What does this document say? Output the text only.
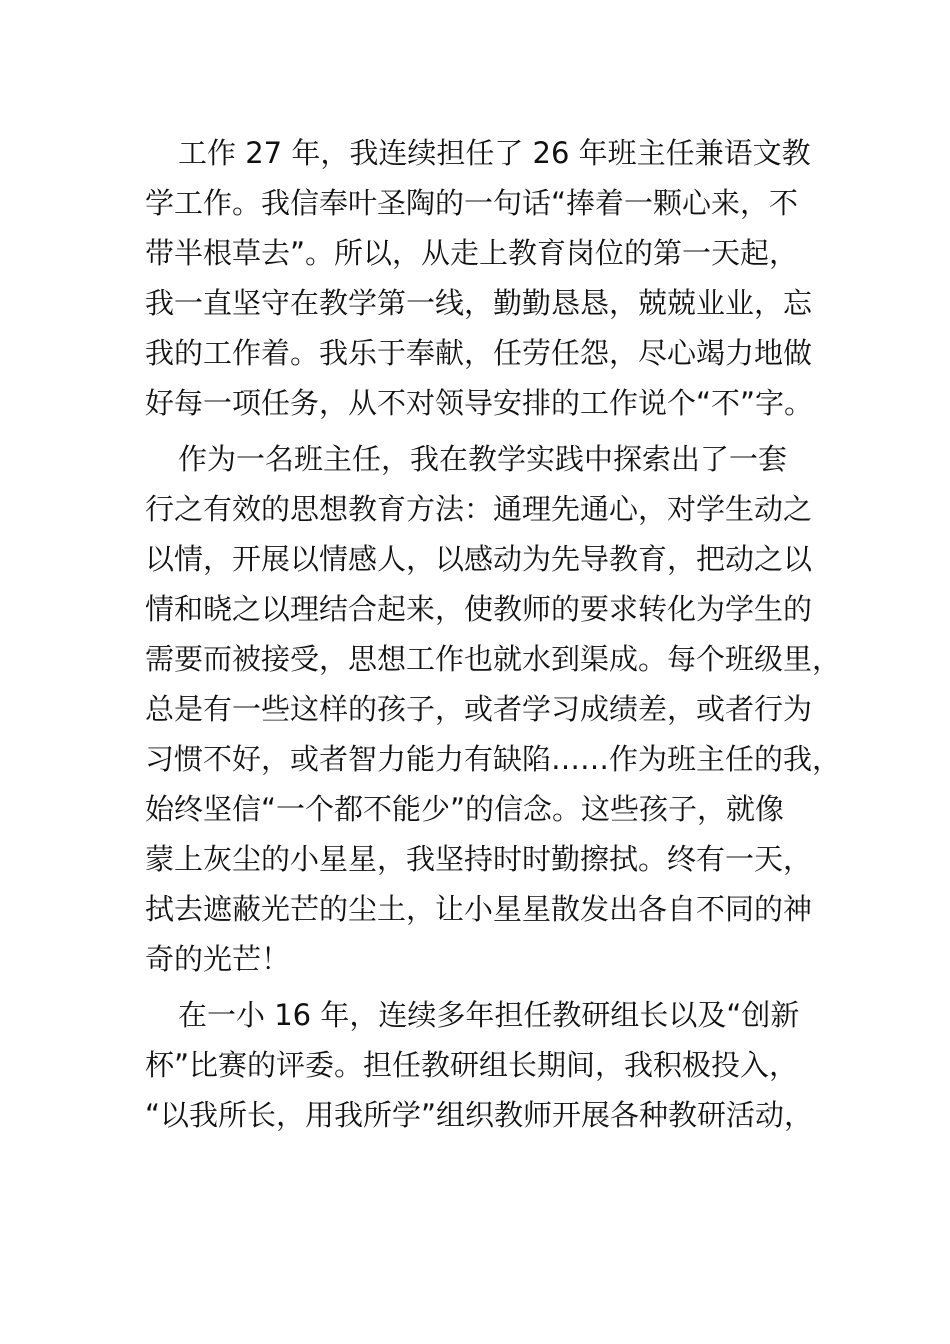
工作 27 年，我连续担任了 26 年班主任兼语文教
学工作。我信奉叶圣陶的一句话“捧着一颗心来，不
带半根草去”。所以，从走上教育岗位的第一天起，
我一直坚守在教学第一线，勤勤恳恳，兢兢业业，忘
我的工作着。我乐于奉献，任劳任怨，尽心竭力地做
好每一项任务，从不对领导安排的工作说个“不”字。
作为一名班主任，我在教学实践中探索出了一套
行之有效的思想教育方法：通理先通心，对学生动之
以情，开展以情感人，以感动为先导教育，把动之以
情和晓之以理结合起来，使教师的要求转化为学生的
需要而被接受，思想工作也就水到渠成。每个班级里，
总是有一些这样的孩子，或者学习成绩差，或者行为
习惯不好，或者智力能力有缺陷……作为班主任的我，
始终坚信“一个都不能少”的信念。这些孩子，就像
蒙上灰尘的小星星，我坚持时时勤擦拭。终有一天，
拭去遮蔽光芒的尘土，让小星星散发出各自不同的神
奇的光芒！
在一小 16 年，连续多年担任教研组长以及“创新
杯”比赛的评委。担任教研组长期间，我积极投入，
“以我所长，用我所学”组织教师开展各种教研活动，
